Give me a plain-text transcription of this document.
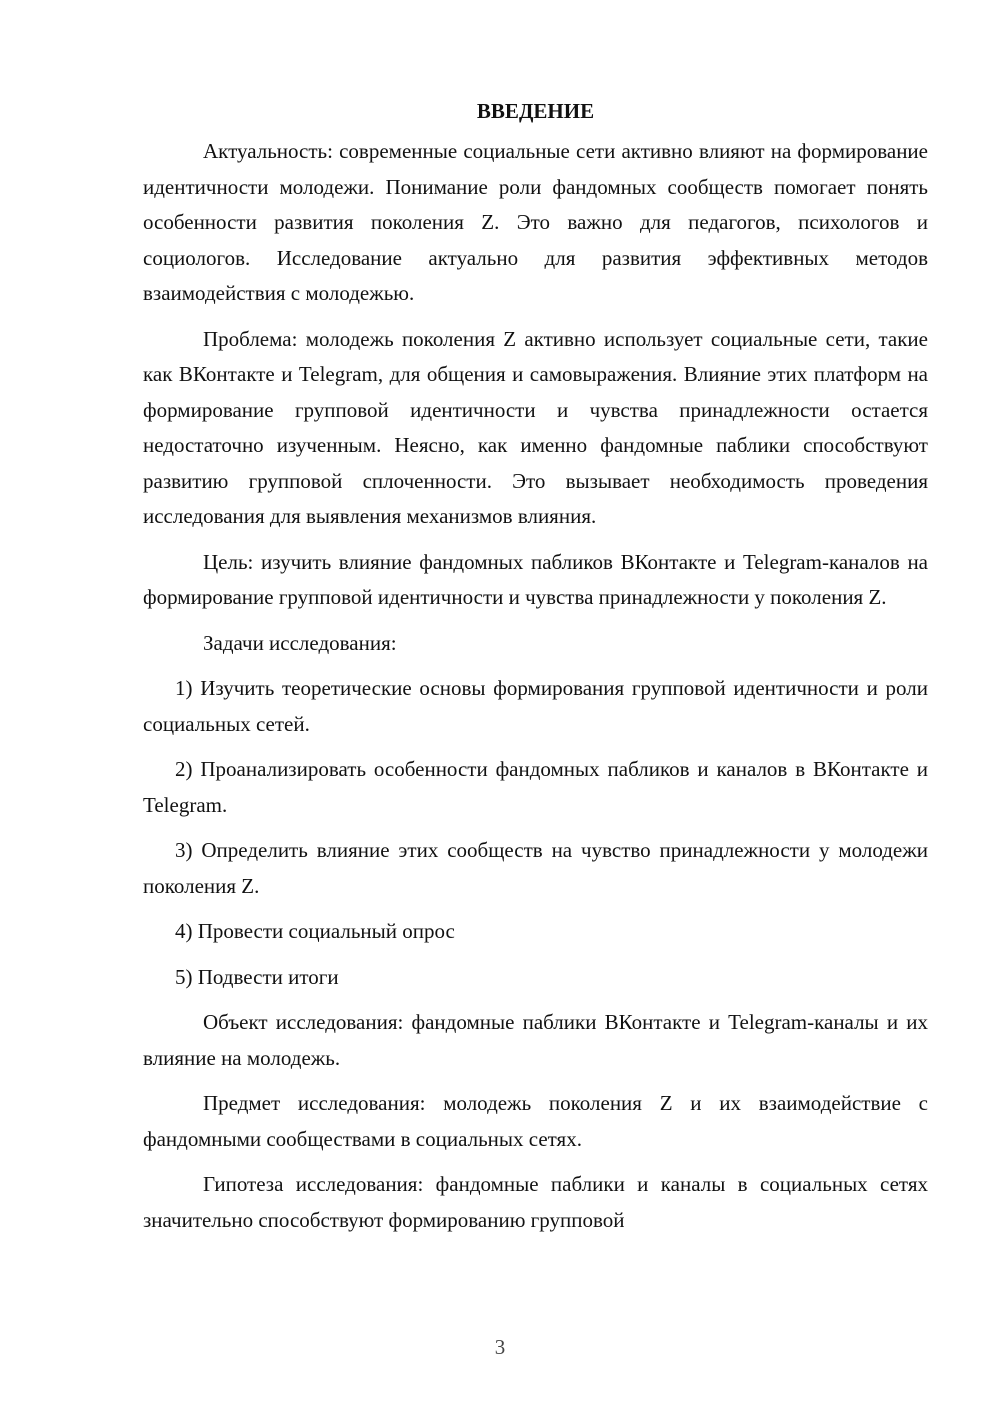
ВВЕДЕНИЕ

Актуальность: современные социальные сети активно влияют на формирование идентичности молодежи. Понимание роли фандомных сообществ помогает понять особенности развития поколения Z. Это важно для педагогов, психологов и социологов. Исследование актуально для развития эффективных методов взаимодействия с молодежью.

Проблема: молодежь поколения Z активно использует социальные сети, такие как ВКонтакте и Telegram, для общения и самовыражения. Влияние этих платформ на формирование групповой идентичности и чувства принадлежности остается недостаточно изученным. Неясно, как именно фандомные паблики способствуют развитию групповой сплоченности. Это вызывает необходимость проведения исследования для выявления механизмов влияния.

Цель: изучить влияние фандомных пабликов ВКонтакте и Telegram-каналов на формирование групповой идентичности и чувства принадлежности у поколения Z.

Задачи исследования:

1) Изучить теоретические основы формирования групповой идентичности и роли социальных сетей.

2) Проанализировать особенности фандомных пабликов и каналов в ВКонтакте и Telegram.

3) Определить влияние этих сообществ на чувство принадлежности у молодежи поколения Z.

4) Провести социальный опрос

5) Подвести итоги

Объект исследования: фандомные паблики ВКонтакте и Telegram-каналы и их влияние на молодежь.

Предмет исследования: молодежь поколения Z и их взаимодействие с фандомными сообществами в социальных сетях.

Гипотеза исследования: фандомные паблики и каналы в социальных сетях значительно способствуют формированию групповой

3
